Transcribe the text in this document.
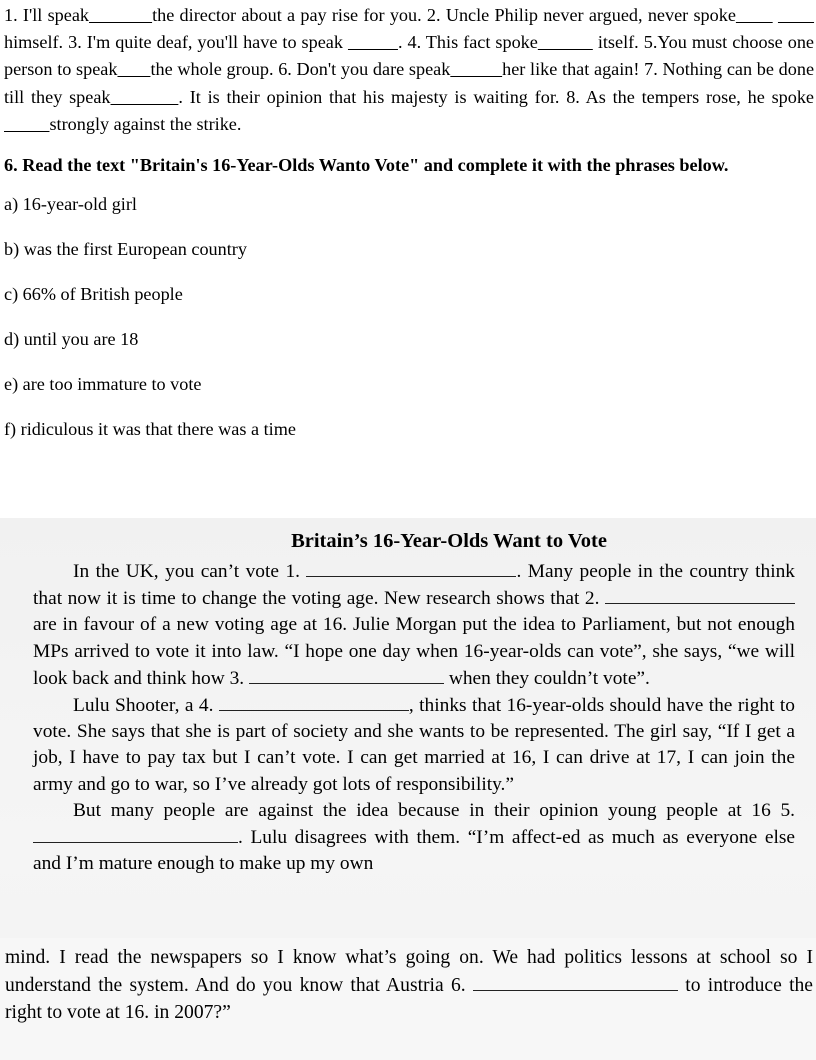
1. I'll speak	the director about a pay rise for you. 2. Uncle Philip never argued, never spoke                himself. 3. I'm quite deaf, you'll have to speak	. 4. This fact spoke	itself. 5.You must choose one person to speak the whole group. 6. Don't you dare speak	her like that again! 7. Nothing can be done till they speak	. It is their opinion that his majesty is waiting for. 8. As the tempers rose, he spoke          strongly against the strike.

6. Read the text "Britain's 16-Year-Olds Wanto Vote" and complete it with the phrases below.

a) 16-year-old girl
b) was the first European country
c) 66% of British people
d) until you are 18
e) are too immature to vote
f) ridiculous it was that there was a time
Britain’s 16-Year-Olds Want to Vote

In the UK, you can’t vote 1.	. Many people in the country think that now it is time to change the voting age. New research shows that 2.  are in favour of a new voting age at 16. Julie Morgan put the idea to Parliament, but not enough MPs arrived to vote it into law. “I hope one day when 16-year-olds can vote”, she says, “we will look back and think how 3.	when they couldn’t vote”.

Lulu Shooter, a 4.	, thinks that 16-year-olds should have the right to vote. She says that she is part of society and she wants to be represented. The girl say, “If I get a job, I have to pay tax but I can’t vote. I can get married at 16, I can drive at 17, I can join the army and go to war, so I’ve already got lots of responsibility.”

But many people are against the idea because in their opinion young people at 16 5. . Lulu disagrees with them. “I’m affect-ed as much as everyone else and I’m mature enough to make up my own

mind. I read the newspapers so I know what’s going on. We had politics lessons at school so I understand the system. And do you know that Austria 6.	to introduce the right to vote at 16. in 2007?”
